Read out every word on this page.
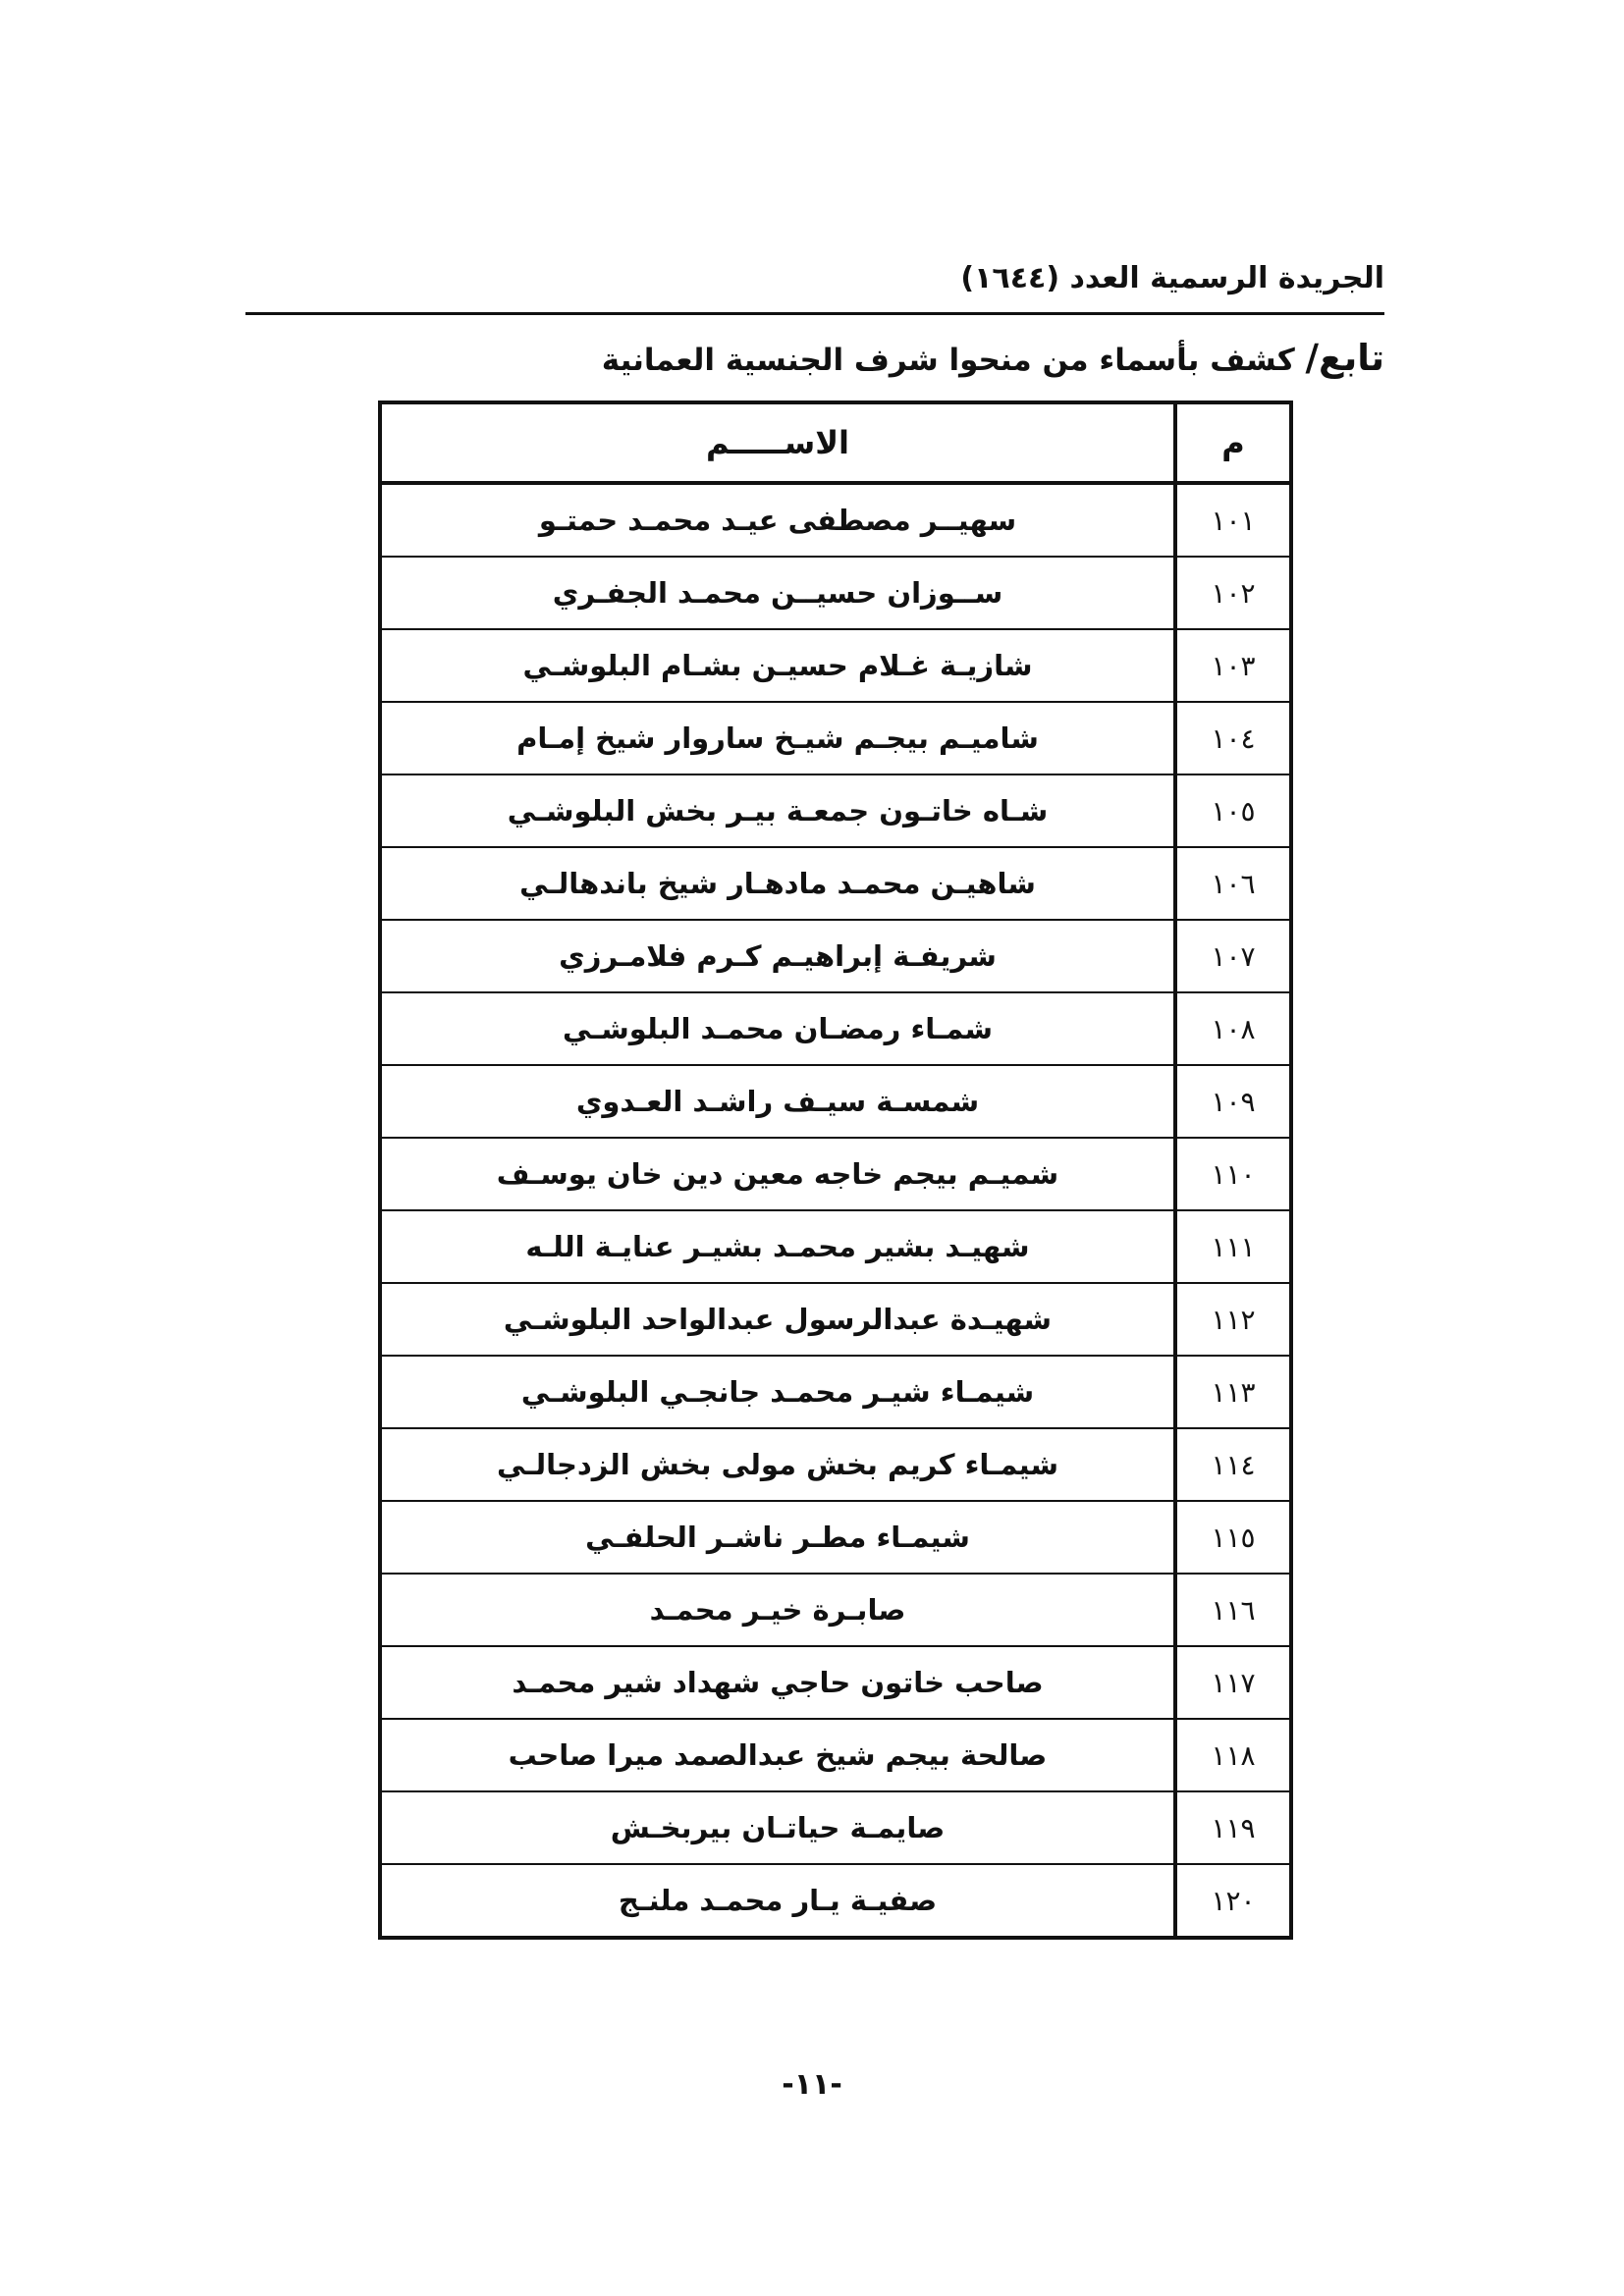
الجريدة الرسمية العدد (١٦٤٤)
تابع/ كشف بأسماء من منحوا شرف الجنسية العمانية
م	الاســـــم
١٠١	سهيــر مصطفى عيـد محمـد حمتـو
١٠٢	ســوزان حسيــن محمـد الجفـري
١٠٣	شازيـة غـلام حسيـن بشـام البلوشـي
١٠٤	شاميـم بيجـم شيـخ ساروار شيخ إمـام
١٠٥	شـاه خاتـون جمعـة بيـر بخش البلوشـي
١٠٦	شاهيـن محمـد مادهـار شيخ باندهالـي
١٠٧	شريفـة إبراهيـم كـرم فلامـرزي
١٠٨	شمـاء رمضـان محمـد البلوشـي
١٠٩	شمسـة سيـف راشـد العـدوي
١١٠	شميـم بيجم خاجه معين دين خان يوسـف
١١١	شهيـد بشير محمـد بشيـر عنايـة اللـه
١١٢	شهيـدة عبدالرسول عبدالواحد البلوشـي
١١٣	شيمـاء شيـر محمـد جانجـي البلوشـي
١١٤	شيمـاء كريم بخش مولى بخش الزدجالـي
١١٥	شيمـاء مطـر ناشـر الحلفـي
١١٦	صابـرة خيـر محمـد
١١٧	صاحب خاتون حاجي شهداد شير محمـد
١١٨	صالحة بيجم شيخ عبدالصمد ميرا صاحب
١١٩	صايمـة حياتـان بيربخـش
١٢٠	صفيـة يـار محمـد ملنـج
-١١-
